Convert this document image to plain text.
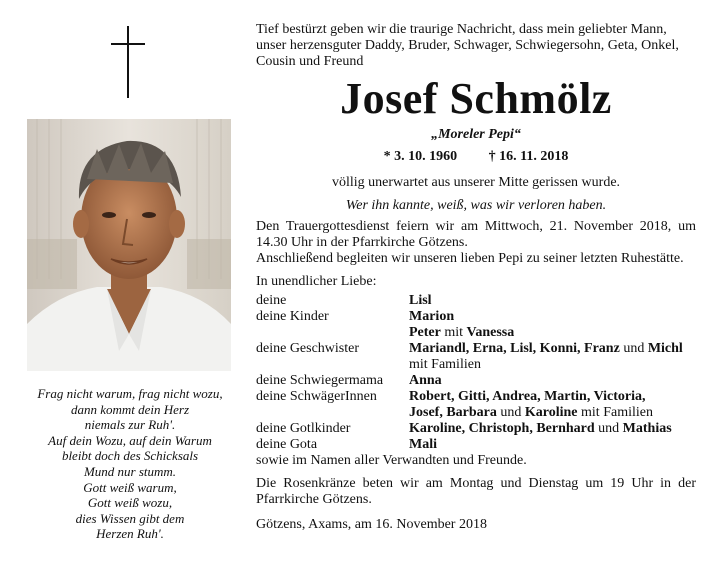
Frag nicht warum, frag nicht wozu,
dann kommt dein Herz
niemals zur Ruh'.
Auf dein Wozu, auf dein Warum
bleibt doch des Schicksals
Mund nur stumm.
Gott weiß warum,
Gott weiß wozu,
dies Wissen gibt dem
Herzen Ruh'.
Tief bestürzt geben wir die traurige Nachricht, dass mein geliebter Mann, unser herzensguter Daddy, Bruder, Schwager, Schwiegersohn, Geta, Onkel, Cousin und Freund
Josef Schmölz
„Moreler Pepi“
* 3. 10. 1960 † 16. 11. 2018
völlig unerwartet aus unserer Mitte gerissen wurde.
Wer ihn kannte, weiß, was wir verloren haben.
Den Trauergottesdienst feiern wir am Mittwoch, 21. November 2018, um 14.30 Uhr in der Pfarrkirche Götzens.
Anschließend begleiten wir unseren lieben Pepi zu seiner letzten Ruhestätte.
In unendlicher Liebe:
deine	Lisl
deine Kinder	Marion
Peter mit Vanessa
deine Geschwister	Mariandl, Erna, Lisl, Konni, Franz und Michl
mit Familien
deine Schwiegermama	Anna
deine SchwägerInnen	Robert, Gitti, Andrea, Martin, Victoria,
Josef, Barbara und Karoline mit Familien
deine Gotlkinder	Karoline, Christoph, Bernhard und Mathias
deine Gota	Mali
sowie im Namen aller Verwandten und Freunde.
Die Rosenkränze beten wir am Montag und Dienstag um 19 Uhr in der Pfarrkirche Götzens.
Götzens, Axams, am 16. November 2018
